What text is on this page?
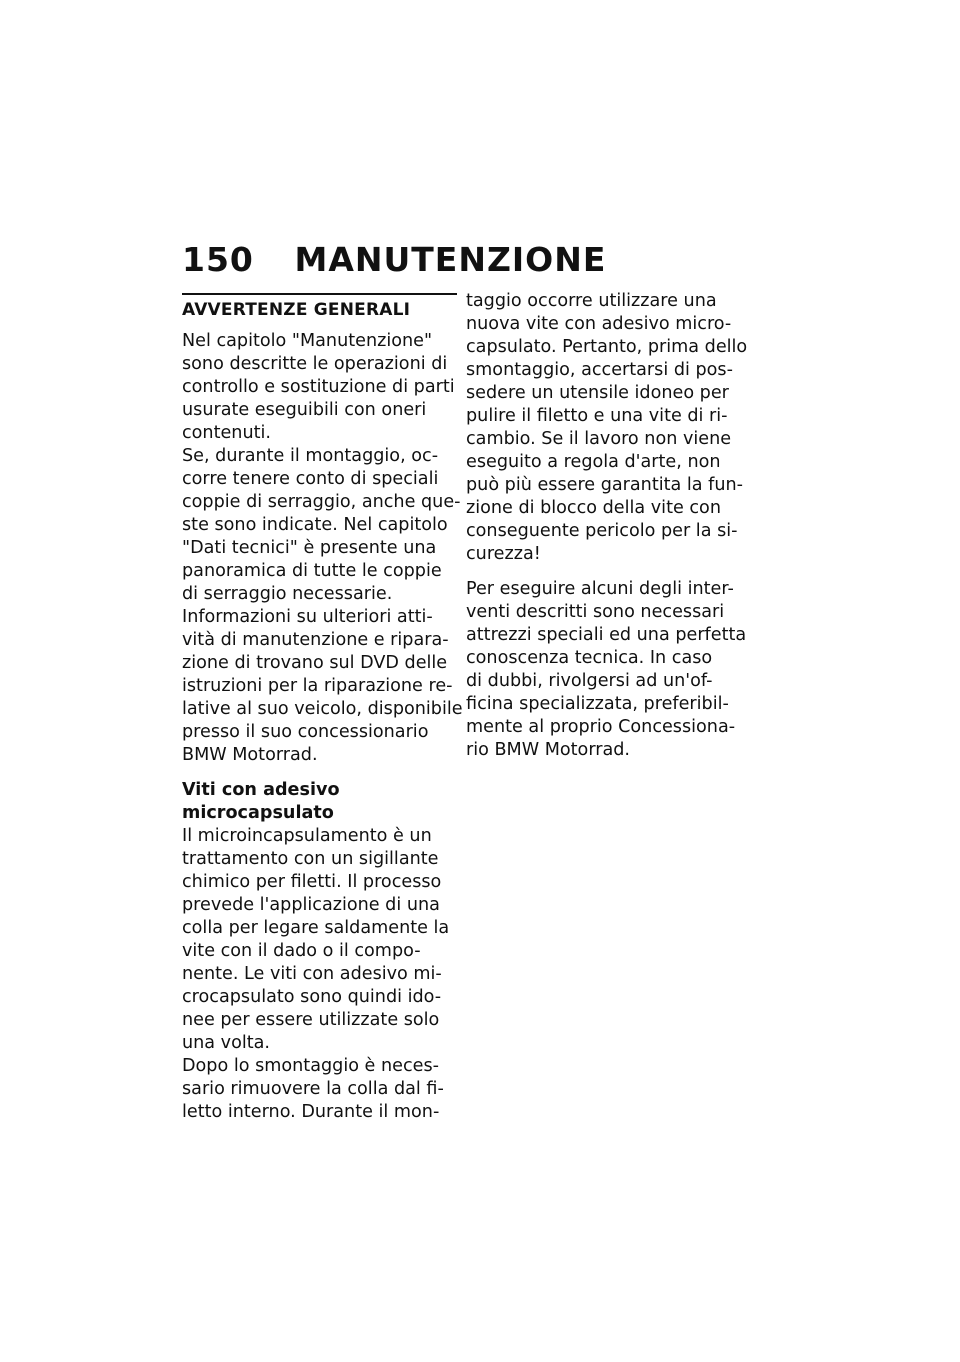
150 MANUTENZIONE
AVVERTENZE GENERALI
Nel capitolo "Manutenzione"
sono descritte le operazioni di
controllo e sostituzione di parti
usurate eseguibili con oneri
contenuti.
Se, durante il montaggio, oc-
corre tenere conto di speciali
coppie di serraggio, anche que-
ste sono indicate. Nel capitolo
"Dati tecnici" è presente una
panoramica di tutte le coppie
di serraggio necessarie.
Informazioni su ulteriori atti-
vità di manutenzione e ripara-
zione di trovano sul DVD delle
istruzioni per la riparazione re-
lative al suo veicolo, disponibile
presso il suo concessionario
BMW Motorrad.
Viti con adesivo
microcapsulato
Il microincapsulamento è un
trattamento con un sigillante
chimico per filetti. Il processo
prevede l'applicazione di una
colla per legare saldamente la
vite con il dado o il compo-
nente. Le viti con adesivo mi-
crocapsulato sono quindi ido-
nee per essere utilizzate solo
una volta.
Dopo lo smontaggio è neces-
sario rimuovere la colla dal fi-
letto interno. Durante il mon-
taggio occorre utilizzare una
nuova vite con adesivo micro-
capsulato. Pertanto, prima dello
smontaggio, accertarsi di pos-
sedere un utensile idoneo per
pulire il filetto e una vite di ri-
cambio. Se il lavoro non viene
eseguito a regola d'arte, non
può più essere garantita la fun-
zione di blocco della vite con
conseguente pericolo per la si-
curezza!
Per eseguire alcuni degli inter-
venti descritti sono necessari
attrezzi speciali ed una perfetta
conoscenza tecnica. In caso
di dubbi, rivolgersi ad un'of-
ficina specializzata, preferibil-
mente al proprio Concessiona-
rio BMW Motorrad.
